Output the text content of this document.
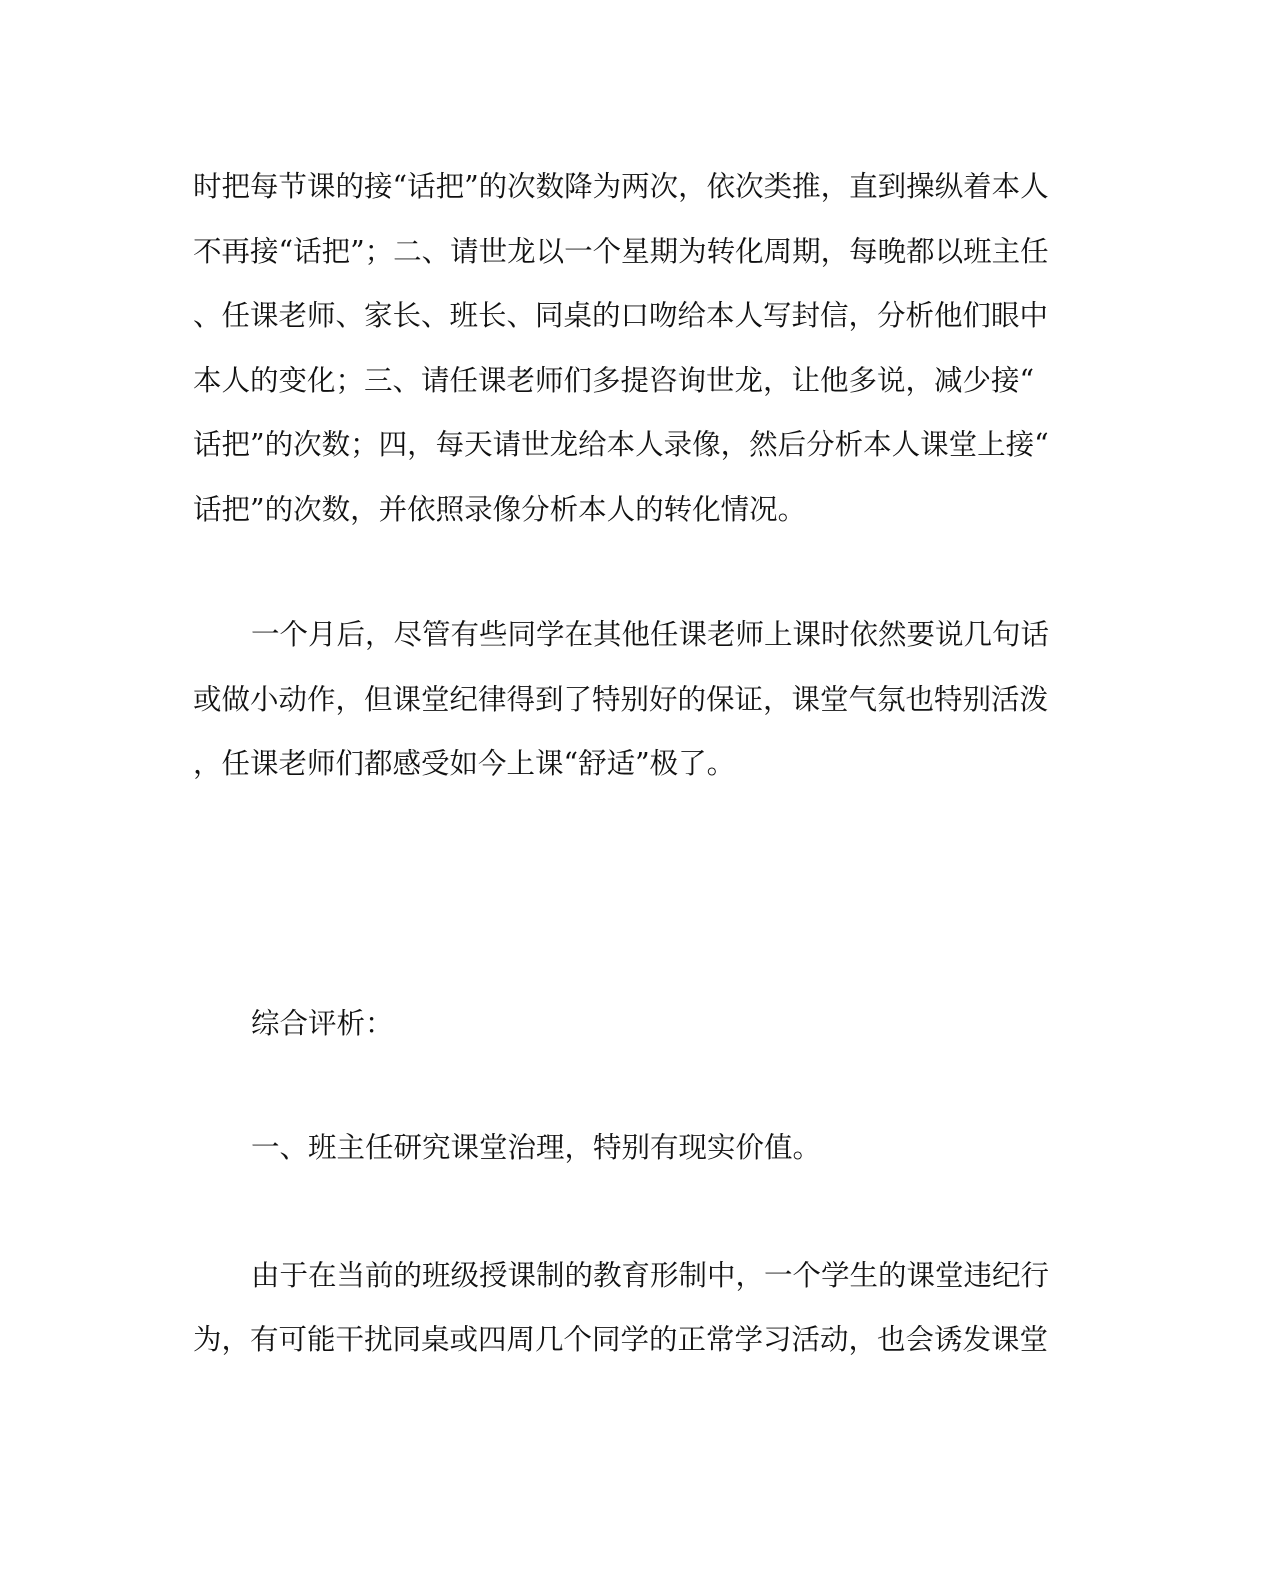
时把每节课的接“话把”的次数降为两次，依次类推，直到操纵着本人
不再接“话把”；二、请世龙以一个星期为转化周期，每晚都以班主任
、任课老师、家长、班长、同桌的口吻给本人写封信，分析他们眼中
本人的变化；三、请任课老师们多提咨询世龙，让他多说，减少接“
话把”的次数；四，每天请世龙给本人录像，然后分析本人课堂上接“
话把”的次数，并依照录像分析本人的转化情况。
一个月后，尽管有些同学在其他任课老师上课时依然要说几句话
或做小动作，但课堂纪律得到了特别好的保证，课堂气氛也特别活泼
，任课老师们都感受如今上课“舒适”极了。
综合评析：
一、班主任研究课堂治理，特别有现实价值。
由于在当前的班级授课制的教育形制中，一个学生的课堂违纪行
为，有可能干扰同桌或四周几个同学的正常学习活动，也会诱发课堂
